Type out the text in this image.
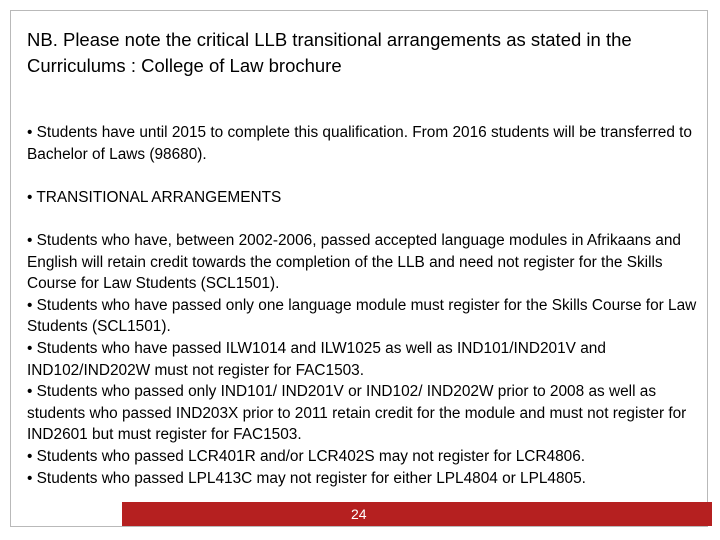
NB. Please note the critical LLB transitional arrangements as stated in the Curriculums : College of Law brochure

• Students have until 2015 to complete this qualification. From 2016 students will be transferred to Bachelor of Laws (98680).

• TRANSITIONAL ARRANGEMENTS

• Students who have, between 2002-2006, passed accepted language modules in Afrikaans and English will retain credit towards the completion of the LLB and need not register for the Skills Course for Law Students (SCL1501).

• Students who have passed only one language module must register for the Skills Course for Law Students (SCL1501).

• Students who have passed ILW1014 and ILW1025 as well as IND101/IND201V and IND102/IND202W must not register for FAC1503.

• Students who passed only IND101/ IND201V or IND102/ IND202W prior to 2008 as well as students who passed IND203X prior to 2011 retain credit for the module and must not register for IND2601 but must register for FAC1503.

• Students who passed LCR401R and/or LCR402S may not register for LCR4806.

• Students who passed LPL413C may not register for either LPL4804 or LPL4805.

24
